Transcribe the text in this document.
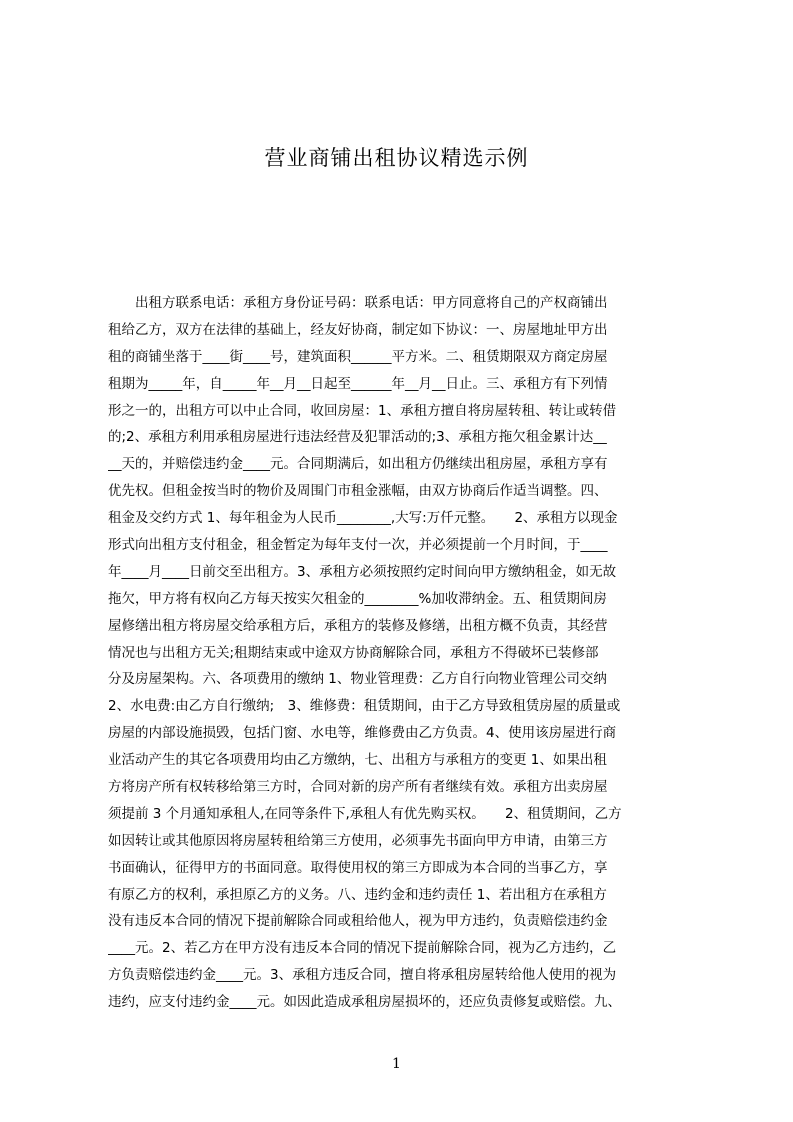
营业商铺出租协议精选示例
　　出租方联系电话：承租方身份证号码：联系电话：甲方同意将自己的产权商铺出
租给乙方，双方在法律的基础上，经友好协商，制定如下协议：一、房屋地址甲方出
租的商铺坐落于____街____号，建筑面积______平方米。二、租赁期限双方商定房屋
租期为_____年，自_____年__月__日起至______年__月__日止。三、承租方有下列情
形之一的，出租方可以中止合同，收回房屋：1、承租方擅自将房屋转租、转让或转借
的;2、承租方利用承租房屋进行违法经营及犯罪活动的;3、承租方拖欠租金累计达__
__天的，并赔偿违约金____元。合同期满后，如出租方仍继续出租房屋，承租方享有
优先权。但租金按当时的物价及周围门市租金涨幅，由双方协商后作适当调整。四、
租金及交约方式 1、每年租金为人民币________,大写:万仟元整。　　2、承租方以现金
形式向出租方支付租金，租金暂定为每年支付一次，并必须提前一个月时间，于____
年____月____日前交至出租方。3、承租方必须按照约定时间向甲方缴纳租金，如无故
拖欠，甲方将有权向乙方每天按实欠租金的________%加收滞纳金。五、租赁期间房
屋修缮出租方将房屋交给承租方后，承租方的装修及修缮，出租方概不负责，其经营
情况也与出租方无关;租期结束或中途双方协商解除合同，承租方不得破坏已装修部
分及房屋架构。六、各项费用的缴纳 1、物业管理费：乙方自行向物业管理公司交纳
2、水电费:由乙方自行缴纳;　3、维修费：租赁期间，由于乙方导致租赁房屋的质量或
房屋的内部设施损毁，包括门窗、水电等，维修费由乙方负责。4、使用该房屋进行商
业活动产生的其它各项费用均由乙方缴纳，七、出租方与承租方的变更 1、如果出租
方将房产所有权转移给第三方时，合同对新的房产所有者继续有效。承租方出卖房屋
须提前 3 个月通知承租人,在同等条件下,承租人有优先购买权。　　2、租赁期间，乙方
如因转让或其他原因将房屋转租给第三方使用，必须事先书面向甲方申请，由第三方
书面确认，征得甲方的书面同意。取得使用权的第三方即成为本合同的当事乙方，享
有原乙方的权利，承担原乙方的义务。八、违约金和违约责任 1、若出租方在承租方
没有违反本合同的情况下提前解除合同或租给他人，视为甲方违约，负责赔偿违约金
____元。2、若乙方在甲方没有违反本合同的情况下提前解除合同，视为乙方违约，乙
方负责赔偿违约金____元。3、承租方违反合同，擅自将承租房屋转给他人使用的视为
违约，应支付违约金____元。如因此造成承租房屋损坏的，还应负责修复或赔偿。九、
1
